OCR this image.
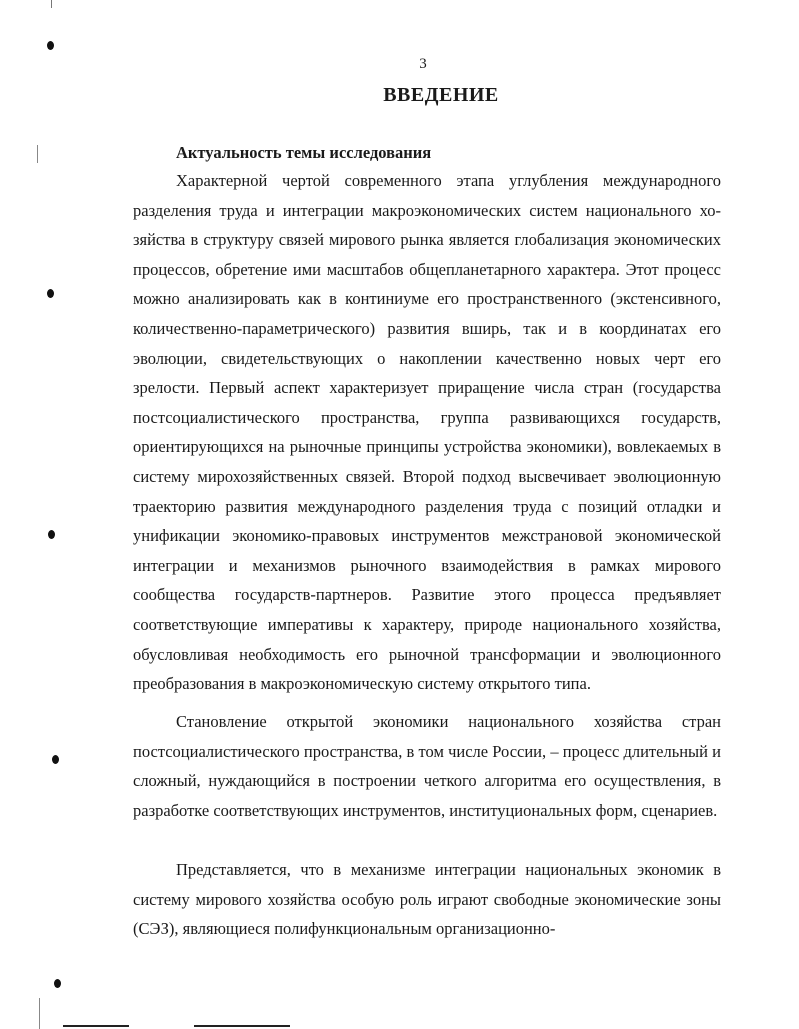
3
ВВЕДЕНИЕ
Актуальность темы исследования
Характерной чертой современного этапа углубления международного разделения труда и интеграции макроэкономических систем национального хозяйства в структуру связей мирового рынка является глобализация экономических процессов, обретение ими масштабов общепланетарного характера. Этот процесс можно анализировать как в континиуме его пространственного (экстенсивного, количественно-параметрического) развития вширь, так и в координатах его эволюции, свидетельствующих о накоплении качественно новых черт его зрелости. Первый аспект характеризует приращение числа стран (государства постсоциалистического пространства, группа развивающихся государств, ориентирующихся на рыночные принципы устройства экономики), вовлекаемых в систему мирохозяйственных связей. Второй подход высвечивает эволюционную траекторию развития международного разделения труда с позиций отладки и унификации экономико-правовых инструментов межстрановой экономической интеграции и механизмов рыночного взаимодействия в рамках мирового сообщества государств-партнеров. Развитие этого процесса предъявляет соответствующие императивы к характеру, природе национального хозяйства, обусловливая необходимость его рыночной трансформации и эволюционного преобразования в макроэкономическую систему открытого типа.
Становление открытой экономики национального хозяйства стран постсоциалистического пространства, в том числе России, – процесс длительный и сложный, нуждающийся в построении четкого алгоритма его осуществления, в разработке соответствующих инструментов, институциональных форм, сценариев.
Представляется, что в механизме интеграции национальных экономик в систему мирового хозяйства особую роль играют свободные экономические зоны (СЭЗ), являющиеся полифункциональным организационно-
